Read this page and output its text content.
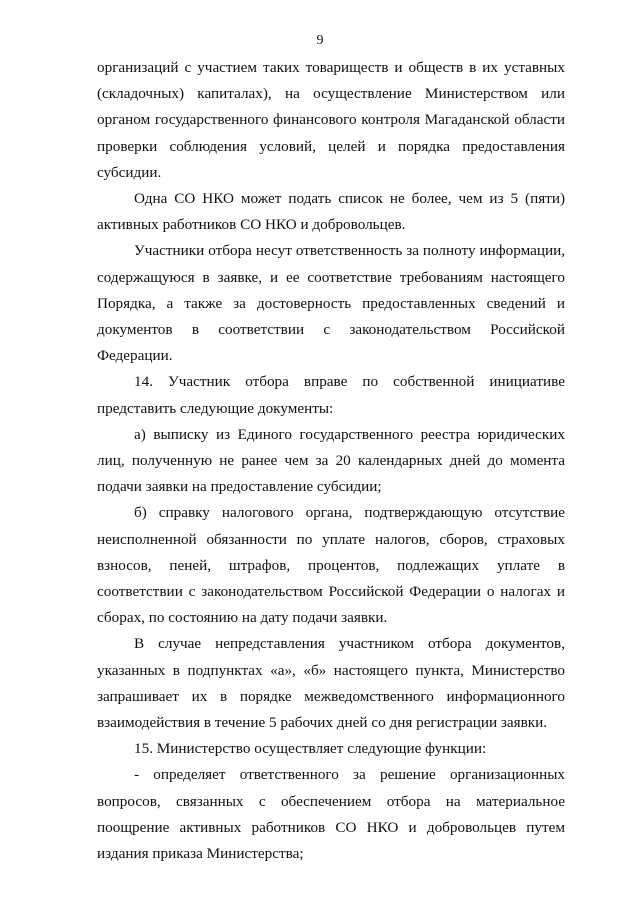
9

организаций с участием таких товариществ и обществ в их уставных (складочных) капиталах), на осуществление Министерством или органом государственного финансового контроля Магаданской области проверки соблюдения условий, целей и порядка предоставления субсидии.

Одна СО НКО может подать список не более, чем из 5 (пяти) активных работников СО НКО и добровольцев.

Участники отбора несут ответственность за полноту информации, содержащуюся в заявке, и ее соответствие требованиям настоящего Порядка, а также за достоверность предоставленных сведений и документов в соответствии с законодательством Российской Федерации.

14. Участник отбора вправе по собственной инициативе представить следующие документы:

а) выписку из Единого государственного реестра юридических лиц, полученную не ранее чем за 20 календарных дней до момента подачи заявки на предоставление субсидии;

б) справку налогового органа, подтверждающую отсутствие неисполненной обязанности по уплате налогов, сборов, страховых взносов, пеней, штрафов, процентов, подлежащих уплате в соответствии с законодательством Российской Федерации о налогах и сборах, по состоянию на дату подачи заявки.

В случае непредставления участником отбора документов, указанных в подпунктах «а», «б» настоящего пункта, Министерство запрашивает их в порядке межведомственного информационного взаимодействия в течение 5 рабочих дней со дня регистрации заявки.

15. Министерство осуществляет следующие функции:

- определяет ответственного за решение организационных вопросов, связанных с обеспечением отбора на материальное поощрение активных работников СО НКО и добровольцев путем издания приказа Министерства;
